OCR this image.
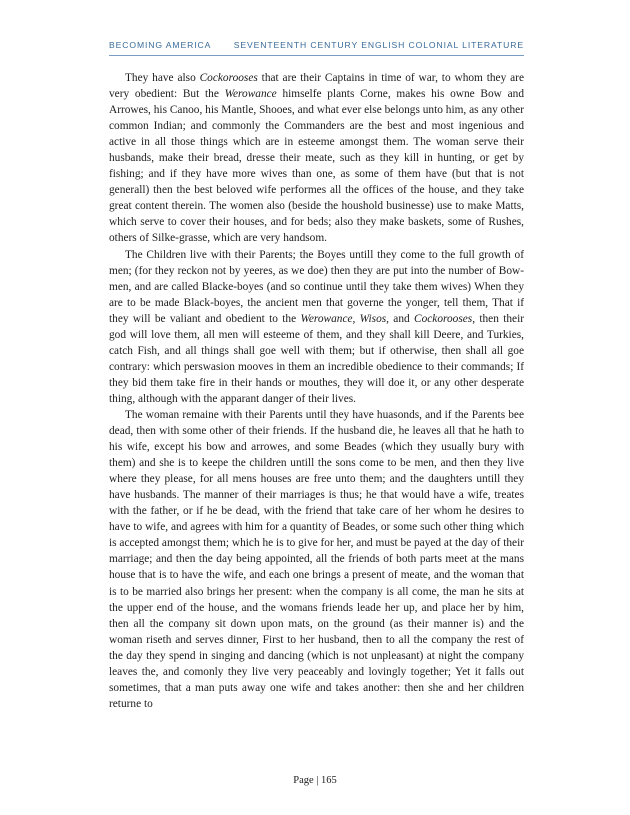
BECOMING AMERICA	SEVENTEENTH CENTURY ENGLISH COLONIAL LITERATURE

They have also Cockorooses that are their Captains in time of war, to whom they are very obedient: But the Werowance himselfe plants Corne, makes his owne Bow and Arrowes, his Canoo, his Mantle, Shooes, and what ever else belongs unto him, as any other common Indian; and commonly the Commanders are the best and most ingenious and active in all those things which are in esteeme amongst them. The woman serve their husbands, make their bread, dresse their meate, such as they kill in hunting, or get by fishing; and if they have more wives than one, as some of them have (but that is not generall) then the best beloved wife performes all the offices of the house, and they take great content therein. The women also (beside the houshold businesse) use to make Matts, which serve to cover their houses, and for beds; also they make baskets, some of Rushes, others of Silke-grasse, which are very handsom.

The Children live with their Parents; the Boyes untill they come to the full growth of men; (for they reckon not by yeeres, as we doe) then they are put into the number of Bow-men, and are called Blacke-boyes (and so continue until they take them wives) When they are to be made Black-boyes, the ancient men that governe the yonger, tell them, That if they will be valiant and obedient to the Werowance, Wisos, and Cockorooses, then their god will love them, all men will esteeme of them, and they shall kill Deere, and Turkies, catch Fish, and all things shall goe well with them; but if otherwise, then shall all goe contrary: which perswasion mooves in them an incredible obedience to their commands; If they bid them take fire in their hands or mouthes, they will doe it, or any other desperate thing, although with the apparant danger of their lives.

The woman remaine with their Parents until they have huasonds, and if the Parents bee dead, then with some other of their friends. If the husband die, he leaves all that he hath to his wife, except his bow and arrowes, and some Beades (which they usually bury with them) and she is to keepe the children untill the sons come to be men, and then they live where they please, for all mens houses are free unto them; and the daughters untill they have husbands. The manner of their marriages is thus; he that would have a wife, treates with the father, or if he be dead, with the friend that take care of her whom he desires to have to wife, and agrees with him for a quantity of Beades, or some such other thing which is accepted amongst them; which he is to give for her, and must be payed at the day of their marriage; and then the day being appointed, all the friends of both parts meet at the mans house that is to have the wife, and each one brings a present of meate, and the woman that is to be married also brings her present: when the company is all come, the man he sits at the upper end of the house, and the womans friends leade her up, and place her by him, then all the company sit down upon mats, on the ground (as their manner is) and the woman riseth and serves dinner, First to her husband, then to all the company the rest of the day they spend in singing and dancing (which is not unpleasant) at night the company leaves the, and comonly they live very peaceably and lovingly together; Yet it falls out sometimes, that a man puts away one wife and takes another: then she and her children returne to

Page | 165
